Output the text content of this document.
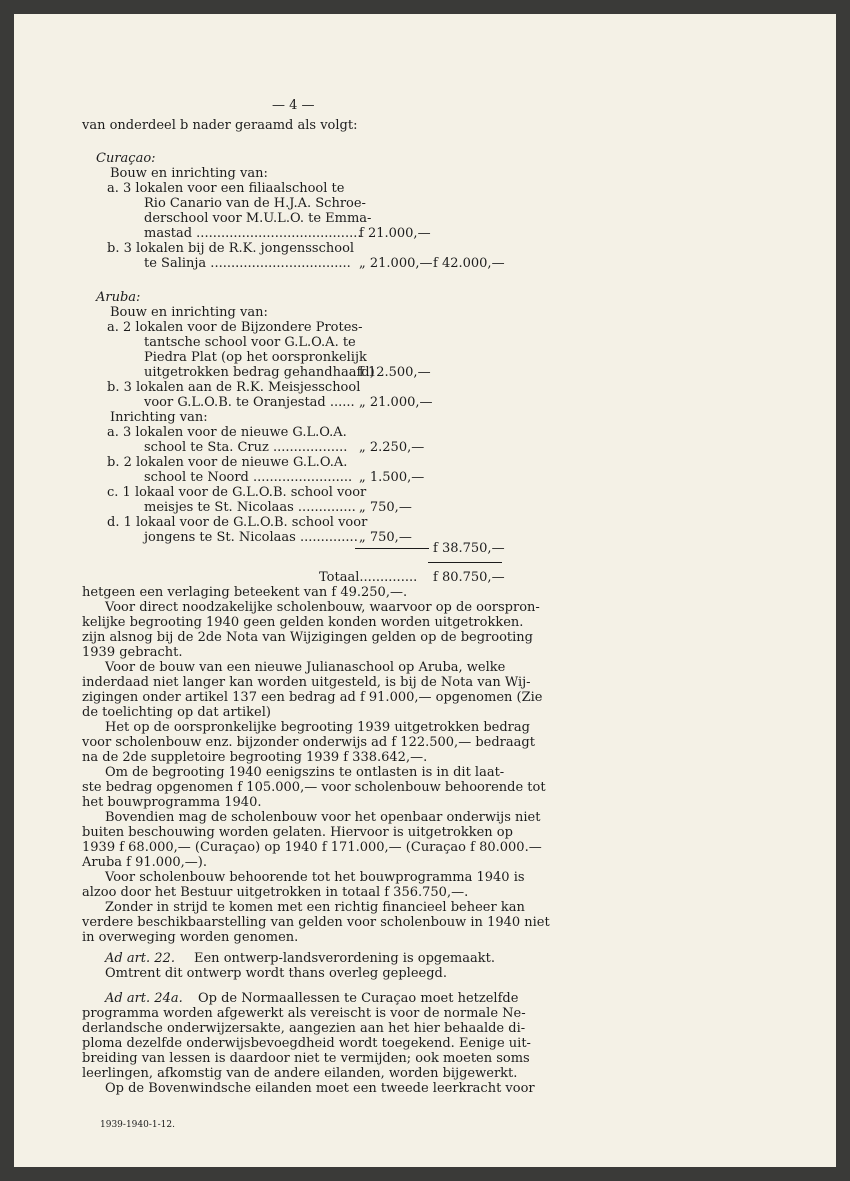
— 4 —
van onderdeel b nader geraamd als volgt:
Curaçao:
Bouw en inrichting van:
a. 3 lokalen voor een filiaalschool te
Rio Canario van de H.J.A. Schroe-
derschool voor M.U.L.O. te Emma-
mastad ........................................
f 21.000,—
b. 3 lokalen bij de R.K. jongensschool
te Salinja .................................. „ 21.000,— f 42.000,—
Aruba:
Bouw en inrichting van:
a. 2 lokalen voor de Bijzondere Protes-
tantsche school voor G.L.O.A. te
Piedra Plat (op het oorspronkelijk
uitgetrokken bedrag gehandhaafd)
f 12.500,—
b. 3 lokalen aan de R.K. Meisjesschool
voor G.L.O.B. te Oranjestad ...... „ 21.000,—
Inrichting van:
a. 3 lokalen voor de nieuwe G.L.O.A.
school te Sta. Cruz .................. „ 2.250,—
b. 2 lokalen voor de nieuwe G.L.O.A.
school te Noord ........................ „ 1.500,—
c. 1 lokaal voor de G.L.O.B. school voor
meisjes te St. Nicolaas .............. „ 750,—
d. 1 lokaal voor de G.L.O.B. school voor
jongens te St. Nicolaas .............. „ 750,—
f 38.750,—
Totaal.............. f 80.750,—
hetgeen een verlaging beteekent van f 49.250,—.
Voor direct noodzakelijke scholenbouw, waarvoor op de oorspron-
kelijke begrooting 1940 geen gelden konden worden uitgetrokken.
zijn alsnog bij de 2de Nota van Wijzigingen gelden op de begrooting
1939 gebracht.
Voor de bouw van een nieuwe Julianaschool op Aruba, welke
inderdaad niet langer kan worden uitgesteld, is bij de Nota van Wij-
zigingen onder artikel 137 een bedrag ad f 91.000,— opgenomen (Zie
de toelichting op dat artikel)
Het op de oorspronkelijke begrooting 1939 uitgetrokken bedrag
voor scholenbouw enz. bijzonder onderwijs ad f 122.500,— bedraagt
na de 2de suppletoire begrooting 1939 f 338.642,—.
Om de begrooting 1940 eenigszins te ontlasten is in dit laat-
ste bedrag opgenomen f 105.000,— voor scholenbouw behoorende tot
het bouwprogramma 1940.
Bovendien mag de scholenbouw voor het openbaar onderwijs niet
buiten beschouwing worden gelaten. Hiervoor is uitgetrokken op
1939 f 68.000,— (Curaçao) op 1940 f 171.000,— (Curaçao f 80.000.—
Aruba f 91.000,—).
Voor scholenbouw behoorende tot het bouwprogramma 1940 is
alzoo door het Bestuur uitgetrokken in totaal f 356.750,—.
Zonder in strijd te komen met een richtig financieel beheer kan
verdere beschikbaarstelling van gelden voor scholenbouw in 1940 niet
in overweging worden genomen.
Ad art. 22. Een ontwerp-landsverordening is opgemaakt.
Omtrent dit ontwerp wordt thans overleg gepleegd.
Ad art. 24a. Op de Normaallessen te Curaçao moet hetzelfde
programma worden afgewerkt als vereischt is voor de normale Ne-
derlandsche onderwijzersakte, aangezien aan het hier behaalde di-
ploma dezelfde onderwijsbevoegdheid wordt toegekend. Eenige uit-
breiding van lessen is daardoor niet te vermijden; ook moeten soms
leerlingen, afkomstig van de andere eilanden, worden bijgewerkt.
Op de Bovenwindsche eilanden moet een tweede leerkracht voor
1939-1940-1-12.
